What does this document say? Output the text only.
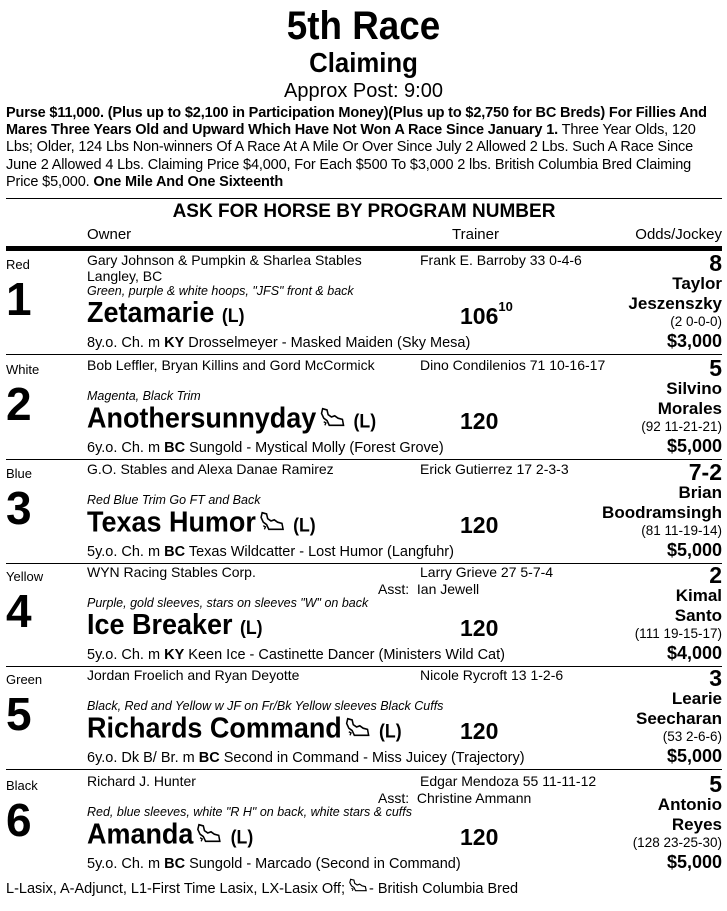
5th Race
Claiming
Approx Post: 9:00
Purse $11,000. (Plus up to $2,100 in Participation Money)(Plus up to $2,750 for BC Breds) For Fillies And Mares Three Years Old and Upward Which Have Not Won A Race Since January 1. Three Year Olds, 120 Lbs; Older, 124 Lbs Non-winners Of A Race At A Mile Or Over Since July 2 Allowed 2 Lbs. Such A Race Since June 2 Allowed 4 Lbs. Claiming Price $4,000, For Each $500 To $3,000 2 lbs. British Columbia Bred Claiming Price $5,000. One Mile And One Sixteenth
ASK FOR HORSE BY PROGRAM NUMBER
Owner	Trainer	Odds/Jockey
Red
1
Gary Johnson & Pumpkin & Sharlea Stables
Langley, BC
Green, purple & white hoops, "JFS" front & back
Zetamarie (L)
Frank E. Barroby 33 0-4-6
$106^{10}$
8y.o. Ch. m KY Drosselmeyer - Masked Maiden (Sky Mesa)
8
Taylor
Jeszenszky
(2 0-0-0)
$3,000
White
2
Bob Leffler, Bryan Killins and Gord McCormick
Magenta, Black Trim
Anothersunnyday (L)
Dino Condilenios 71 10-16-17
120
6y.o. Ch. m BC Sungold - Mystical Molly (Forest Grove)
5
Silvino
Morales
(92 11-21-21)
$5,000
Blue
3
G.O. Stables and Alexa Danae Ramirez
Red Blue Trim Go FT and Back
Texas Humor (L)
Erick Gutierrez 17 2-3-3
120
5y.o. Ch. m BC Texas Wildcatter - Lost Humor (Langfuhr)
7-2
Brian
Boodramsingh
(81 11-19-14)
$5,000
Yellow
4
WYN Racing Stables Corp.
Purple, gold sleeves, stars on sleeves "W" on back
Ice Breaker (L)
Larry Grieve 27 5-7-4
Asst: Ian Jewell
120
5y.o. Ch. m KY Keen Ice - Castinette Dancer (Ministers Wild Cat)
2
Kimal
Santo
(111 19-15-17)
$4,000
Green
5
Jordan Froelich and Ryan Deyotte
Black, Red and Yellow w JF on Fr/Bk Yellow sleeves Black Cuffs
Richards Command (L)
Nicole Rycroft 13 1-2-6
120
6y.o. Dk B/ Br. m BC Second in Command - Miss Juicey (Trajectory)
3
Learie
Seecharan
(53 2-6-6)
$5,000
Black
6
Richard J. Hunter
Red, blue sleeves, white "R H" on back, white stars & cuffs
Amanda (L)
Edgar Mendoza 55 11-11-12
Asst: Christine Ammann
120
5y.o. Ch. m BC Sungold - Marcado (Second in Command)
5
Antonio
Reyes
(128 23-25-30)
$5,000
L-Lasix, A-Adjunct, L1-First Time Lasix, LX-Lasix Off; - British Columbia Bred
